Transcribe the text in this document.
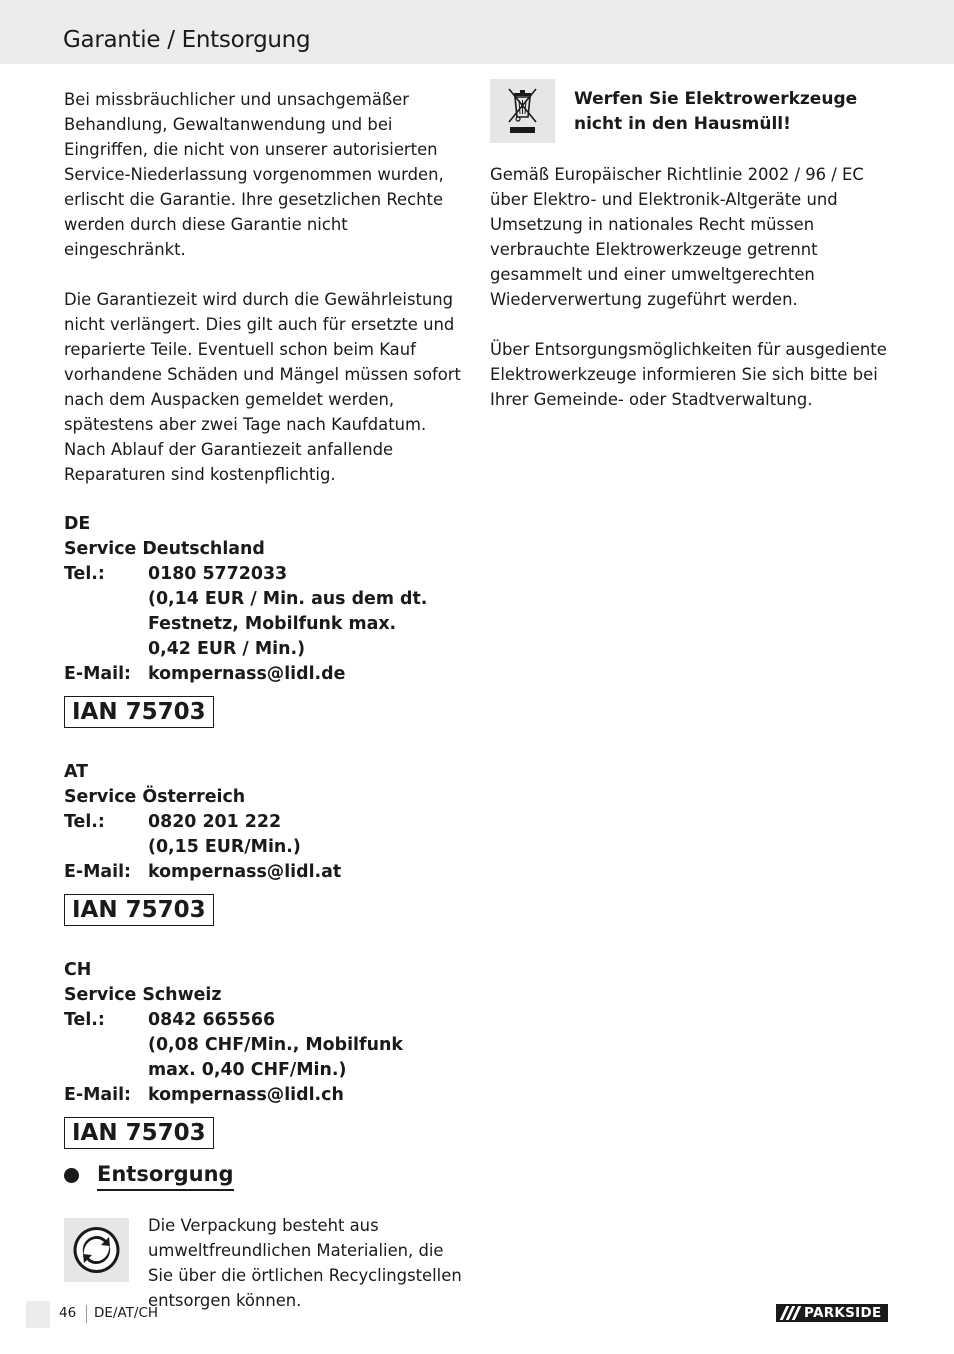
Garantie / Entsorgung

Bei missbräuchlicher und unsachgemäßer Behandlung, Gewaltanwendung und bei Eingriffen, die nicht von unserer autorisierten Service-Niederlassung vorgenommen wurden, erlischt die Garantie. Ihre gesetzlichen Rechte werden durch diese Garantie nicht eingeschränkt.

Die Garantiezeit wird durch die Gewährleistung nicht verlängert. Dies gilt auch für ersetzte und reparierte Teile. Eventuell schon beim Kauf vorhandene Schäden und Mängel müssen sofort nach dem Auspacken gemeldet werden, spätestens aber zwei Tage nach Kaufdatum. Nach Ablauf der Garantiezeit anfallende Reparaturen sind kostenpflichtig.

DE
Service Deutschland
Tel.:	0180 5772033
(0,14 EUR / Min. aus dem dt.
Festnetz, Mobilfunk max.
0,42 EUR / Min.)
E-Mail: kompernass@lidl.de
IAN 75703
AT
Service Österreich
Tel.:	0820 201 222
(0,15 EUR/Min.)
E-Mail: kompernass@lidl.at
IAN 75703
CH
Service Schweiz
Tel.:	0842 665566
(0,08 CHF/Min., Mobilfunk
max. 0,40 CHF/Min.)
E-Mail: kompernass@lidl.ch
IAN 75703
Entsorgung
Die Verpackung besteht aus umweltfreundlichen Materialien, die Sie über die örtlichen Recyclingstellen entsorgen können.
Werfen Sie Elektrowerkzeuge nicht in den Hausmüll!

Gemäß Europäischer Richtlinie 2002 / 96 / EC über Elektro- und Elektronik-Altgeräte und Umsetzung in nationales Recht müssen verbrauchte Elektrowerkzeuge getrennt gesammelt und einer umweltgerechten Wiederverwertung zugeführt werden.

Über Entsorgungsmöglichkeiten für ausgediente Elektrowerkzeuge informieren Sie sich bitte bei Ihrer Gemeinde- oder Stadtverwaltung.

46 DE/AT/CH	PARKSIDE
